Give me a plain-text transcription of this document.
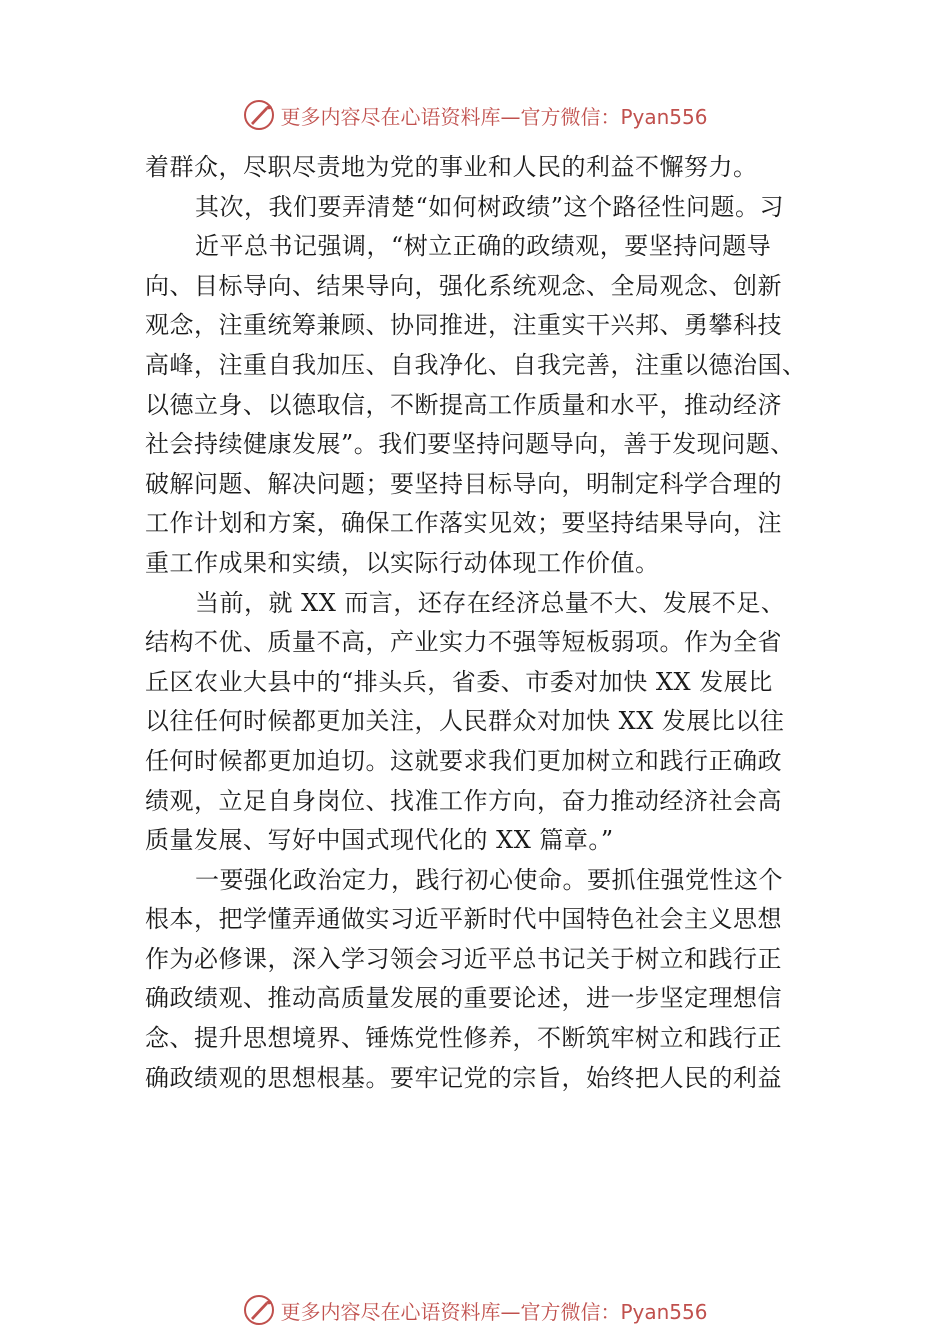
更多内容尽在心语资料库—官方微信：Pyan556
着群众，尽职尽责地为党的事业和人民的利益不懈努力。
其次，我们要弄清楚“如何树政绩”这个路径性问题。习
近平总书记强调，“树立正确的政绩观，要坚持问题导
向、目标导向、结果导向，强化系统观念、全局观念、创新
观念，注重统筹兼顾、协同推进，注重实干兴邦、勇攀科技
高峰，注重自我加压、自我净化、自我完善，注重以德治国、
以德立身、以德取信，不断提高工作质量和水平，推动经济
社会持续健康发展”。我们要坚持问题导向，善于发现问题、
破解问题、解决问题；要坚持目标导向，明制定科学合理的
工作计划和方案，确保工作落实见效；要坚持结果导向，注
重工作成果和实绩，以实际行动体现工作价值。
当前，就 XX 而言，还存在经济总量不大、发展不足、
结构不优、质量不高，产业实力不强等短板弱项。作为全省
丘区农业大县中的“排头兵，省委、市委对加快 XX 发展比
以往任何时候都更加关注，人民群众对加快 XX 发展比以往
任何时候都更加迫切。这就要求我们更加树立和践行正确政
绩观，立足自身岗位、找准工作方向，奋力推动经济社会高
质量发展、写好中国式现代化的 XX 篇章。”
一要强化政治定力，践行初心使命。要抓住强党性这个
根本，把学懂弄通做实习近平新时代中国特色社会主义思想
作为必修课，深入学习领会习近平总书记关于树立和践行正
确政绩观、推动高质量发展的重要论述，进一步坚定理想信
念、提升思想境界、锤炼党性修养，不断筑牢树立和践行正
确政绩观的思想根基。要牢记党的宗旨，始终把人民的利益
更多内容尽在心语资料库—官方微信：Pyan556
